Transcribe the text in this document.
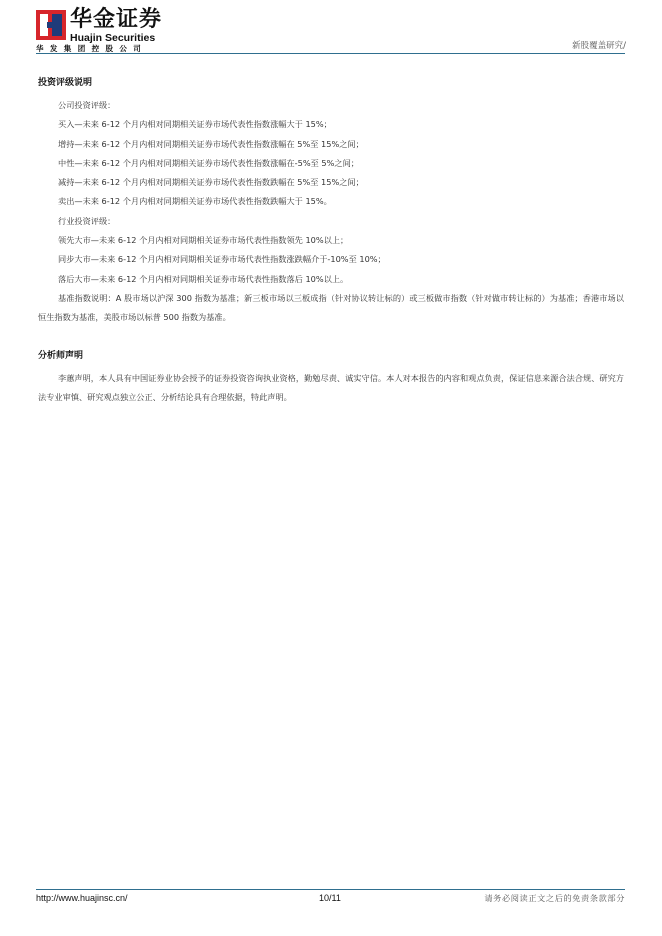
华金证券
Huajin Securities
华发集团控股公司	新股覆盖研究/
投资评级说明
公司投资评级：
买入—未来 6-12 个月内相对同期相关证券市场代表性指数涨幅大于 15%；
增持—未来 6-12 个月内相对同期相关证券市场代表性指数涨幅在 5%至 15%之间；
中性—未来 6-12 个月内相对同期相关证券市场代表性指数涨幅在-5%至 5%之间；
减持—未来 6-12 个月内相对同期相关证券市场代表性指数跌幅在 5%至 15%之间；
卖出—未来 6-12 个月内相对同期相关证券市场代表性指数跌幅大于 15%。
行业投资评级：
领先大市—未来 6-12 个月内相对同期相关证券市场代表性指数领先 10%以上；
同步大市—未来 6-12 个月内相对同期相关证券市场代表性指数涨跌幅介于-10%至 10%；
落后大市—未来 6-12 个月内相对同期相关证券市场代表性指数落后 10%以上。
基准指数说明：A 股市场以沪深 300 指数为基准；新三板市场以三板成指（针对协议转让标的）或三板做市指数（针对做市转让标的）为基准；香港市场以恒生指数为基准，美股市场以标普 500 指数为基准。
分析师声明
李蕙声明，本人具有中国证券业协会授予的证券投资咨询执业资格，勤勉尽责、诚实守信。本人对本报告的内容和观点负责，保证信息来源合法合规、研究方法专业审慎、研究观点独立公正、分析结论具有合理依据，特此声明。
http://www.huajinsc.cn/	10/11	请务必阅读正文之后的免责条款部分
